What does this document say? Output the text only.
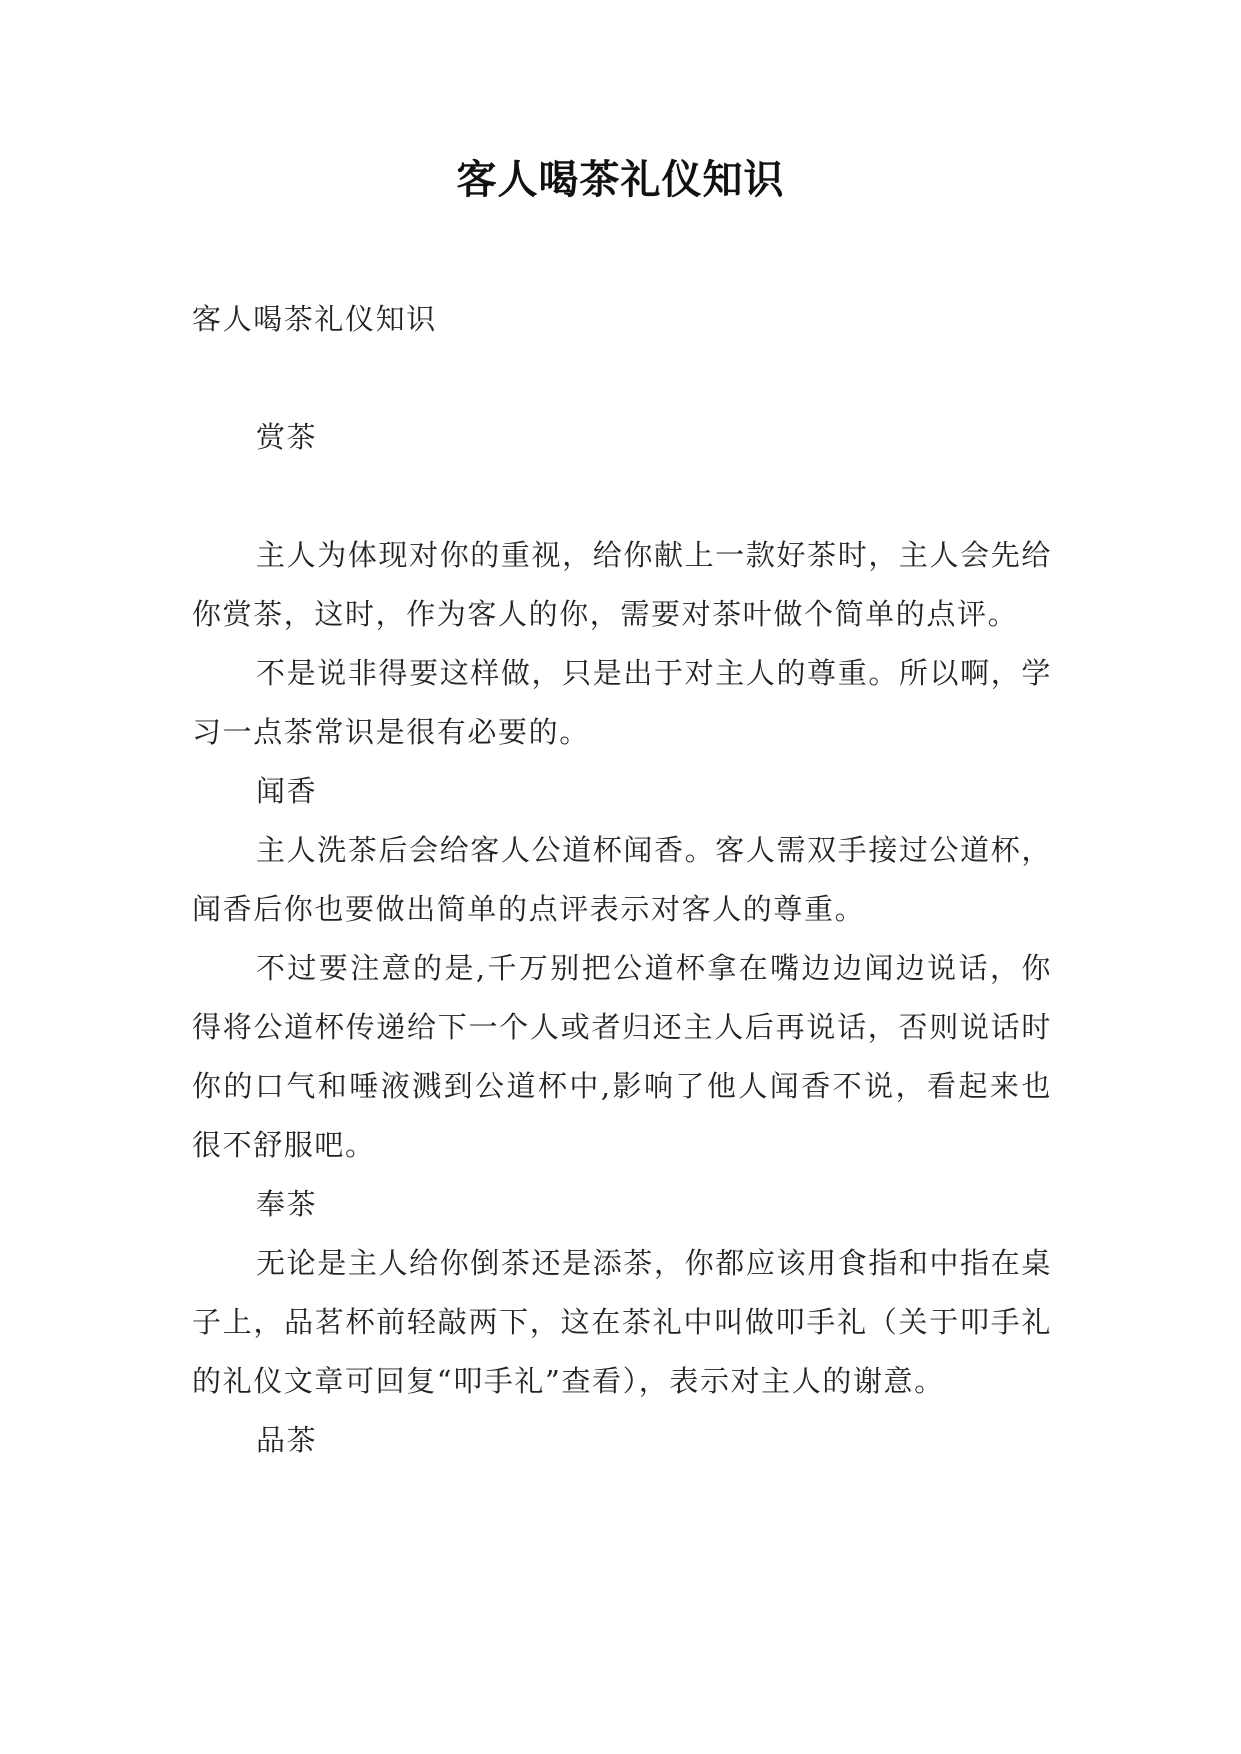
客人喝茶礼仪知识

客人喝茶礼仪知识

赏茶

主人为体现对你的重视，给你献上一款好茶时，主人会先给你赏茶，这时，作为客人的你，需要对茶叶做个简单的点评。

不是说非得要这样做，只是出于对主人的尊重。所以啊，学习一点茶常识是很有必要的。

闻香

主人洗茶后会给客人公道杯闻香。客人需双手接过公道杯，闻香后你也要做出简单的点评表示对客人的尊重。

不过要注意的是,千万别把公道杯拿在嘴边边闻边说话，你得将公道杯传递给下一个人或者归还主人后再说话，否则说话时你的口气和唾液溅到公道杯中,影响了他人闻香不说，看起来也很不舒服吧。

奉茶

无论是主人给你倒茶还是添茶，你都应该用食指和中指在桌子上，品茗杯前轻敲两下，这在茶礼中叫做叩手礼（关于叩手礼的礼仪文章可回复“叩手礼”查看），表示对主人的谢意。

品茶
